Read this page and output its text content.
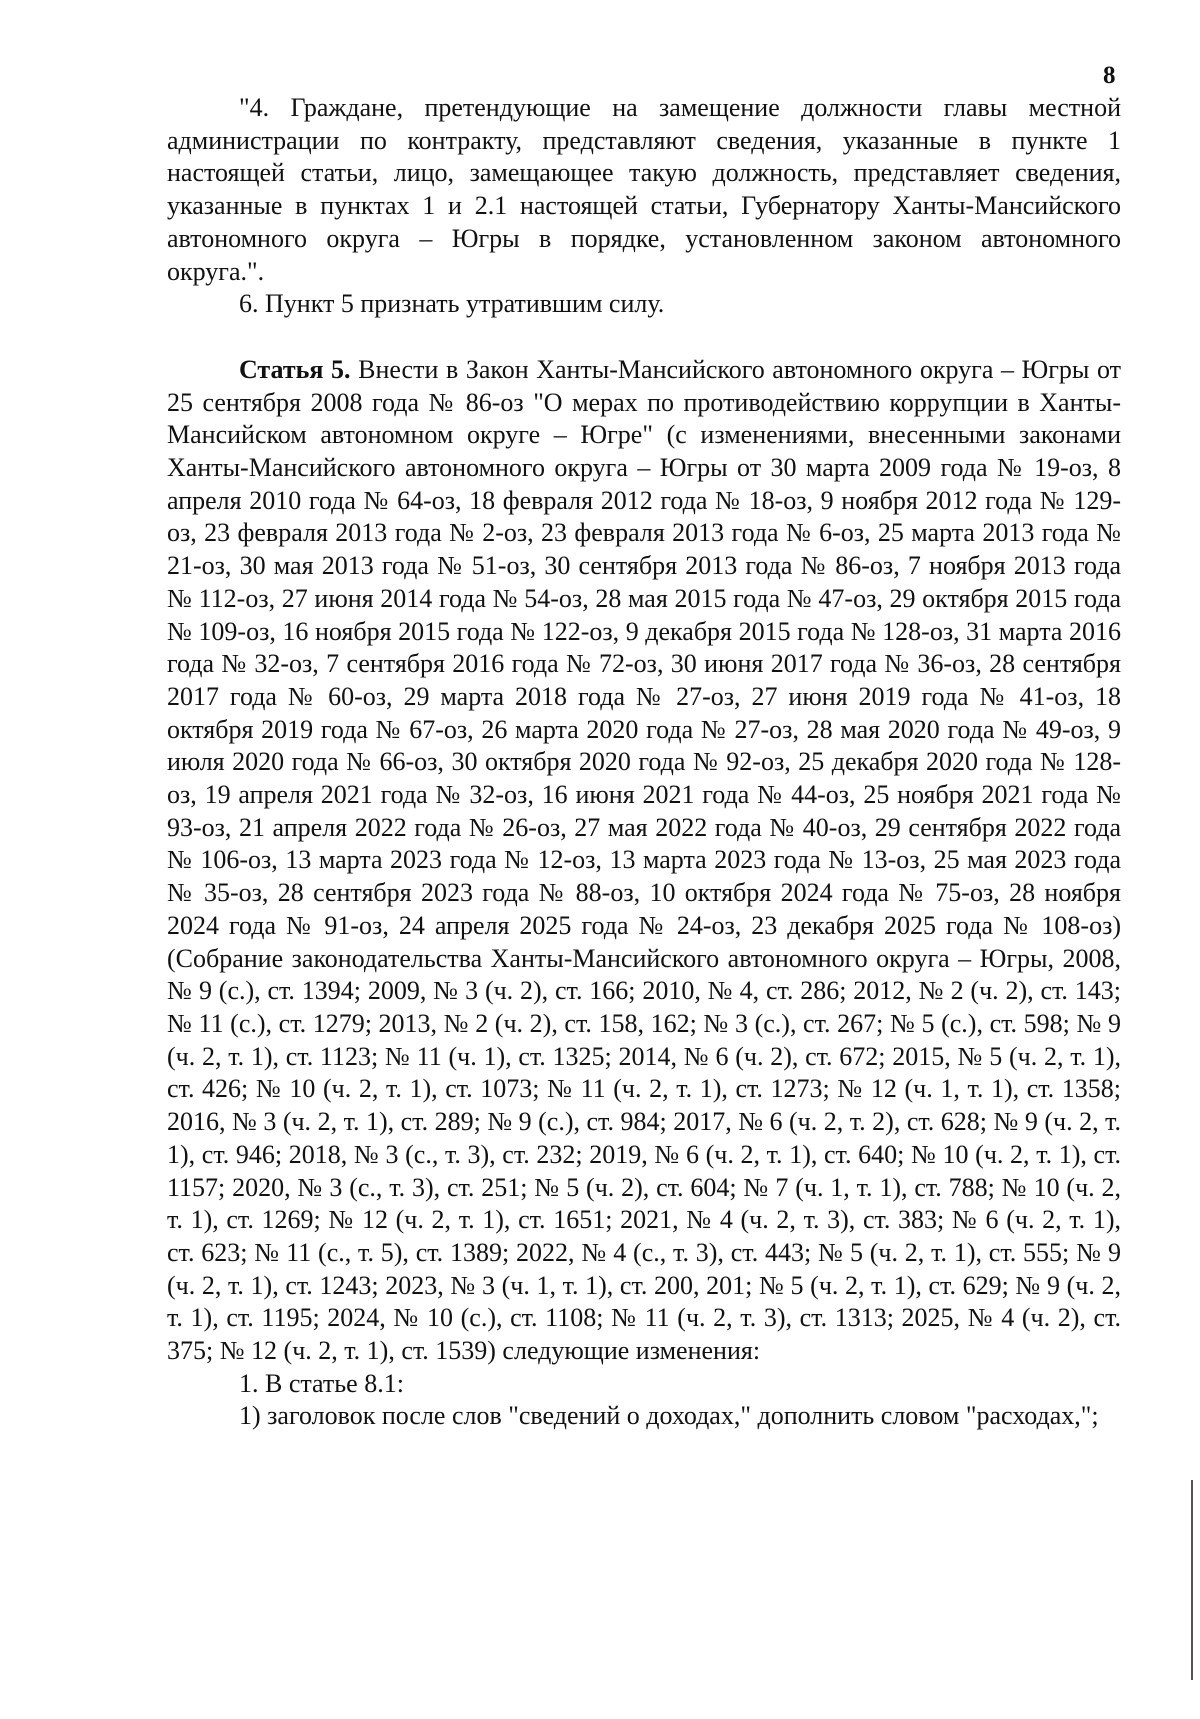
8

"4. Граждане, претендующие на замещение должности главы местной администрации по контракту, представляют сведения, указанные в пункте 1 настоящей статьи, лицо, замещающее такую должность, представляет сведения, указанные в пунктах 1 и 2.1 настоящей статьи, Губернатору Ханты-Мансийского автономного округа – Югры в порядке, установленном законом автономного округа.".

6. Пункт 5 признать утратившим силу.

Статья 5. Внести в Закон Ханты-Мансийского автономного округа – Югры от 25 сентября 2008 года № 86-оз "О мерах по противодействию коррупции в Ханты-Мансийском автономном округе – Югре" (с изменениями, внесенными законами Ханты-Мансийского автономного округа – Югры от 30 марта 2009 года № 19-оз, 8 апреля 2010 года № 64-оз, 18 февраля 2012 года № 18-оз, 9 ноября 2012 года № 129-оз, 23 февраля 2013 года № 2-оз, 23 февраля 2013 года № 6-оз, 25 марта 2013 года № 21-оз, 30 мая 2013 года № 51-оз, 30 сентября 2013 года № 86-оз, 7 ноября 2013 года № 112-оз, 27 июня 2014 года № 54-оз, 28 мая 2015 года № 47-оз, 29 октября 2015 года № 109-оз, 16 ноября 2015 года № 122-оз, 9 декабря 2015 года № 128-оз, 31 марта 2016 года № 32-оз, 7 сентября 2016 года № 72-оз, 30 июня 2017 года № 36-оз, 28 сентября 2017 года № 60-оз, 29 марта 2018 года № 27-оз, 27 июня 2019 года № 41-оз, 18 октября 2019 года № 67-оз, 26 марта 2020 года № 27-оз, 28 мая 2020 года № 49-оз, 9 июля 2020 года № 66-оз, 30 октября 2020 года № 92-оз, 25 декабря 2020 года № 128-оз, 19 апреля 2021 года № 32-оз, 16 июня 2021 года № 44-оз, 25 ноября 2021 года № 93-оз, 21 апреля 2022 года № 26-оз, 27 мая 2022 года № 40-оз, 29 сентября 2022 года № 106-оз, 13 марта 2023 года № 12-оз, 13 марта 2023 года № 13-оз, 25 мая 2023 года № 35-оз, 28 сентября 2023 года № 88-оз, 10 октября 2024 года № 75-оз, 28 ноября 2024 года № 91-оз, 24 апреля 2025 года № 24-оз, 23 декабря 2025 года № 108-оз) (Собрание законодательства Ханты-Мансийского автономного округа – Югры, 2008, № 9 (с.), ст. 1394; 2009, № 3 (ч. 2), ст. 166; 2010, № 4, ст. 286; 2012, № 2 (ч. 2), ст. 143; № 11 (с.), ст. 1279; 2013, № 2 (ч. 2), ст. 158, 162; № 3 (с.), ст. 267; № 5 (с.), ст. 598; № 9 (ч. 2, т. 1), ст. 1123; № 11 (ч. 1), ст. 1325; 2014, № 6 (ч. 2), ст. 672; 2015, № 5 (ч. 2, т. 1), ст. 426; № 10 (ч. 2, т. 1), ст. 1073; № 11 (ч. 2, т. 1), ст. 1273; № 12 (ч. 1, т. 1), ст. 1358; 2016, № 3 (ч. 2, т. 1), ст. 289; № 9 (с.), ст. 984; 2017, № 6 (ч. 2, т. 2), ст. 628; № 9 (ч. 2, т. 1), ст. 946; 2018, № 3 (с., т. 3), ст. 232; 2019, № 6 (ч. 2, т. 1), ст. 640; № 10 (ч. 2, т. 1), ст. 1157; 2020, № 3 (с., т. 3), ст. 251; № 5 (ч. 2), ст. 604; № 7 (ч. 1, т. 1), ст. 788; № 10 (ч. 2, т. 1), ст. 1269; № 12 (ч. 2, т. 1), ст. 1651; 2021, № 4 (ч. 2, т. 3), ст. 383; № 6 (ч. 2, т. 1), ст. 623; № 11 (с., т. 5), ст. 1389; 2022, № 4 (с., т. 3), ст. 443; № 5 (ч. 2, т. 1), ст. 555; № 9 (ч. 2, т. 1), ст. 1243; 2023, № 3 (ч. 1, т. 1), ст. 200, 201; № 5 (ч. 2, т. 1), ст. 629; № 9 (ч. 2, т. 1), ст. 1195; 2024, № 10 (с.), ст. 1108; № 11 (ч. 2, т. 3), ст. 1313; 2025, № 4 (ч. 2), ст. 375; № 12 (ч. 2, т. 1), ст. 1539) следующие изменения:

1. В статье 8.1:

1) заголовок после слов "сведений о доходах," дополнить словом "расходах,";
